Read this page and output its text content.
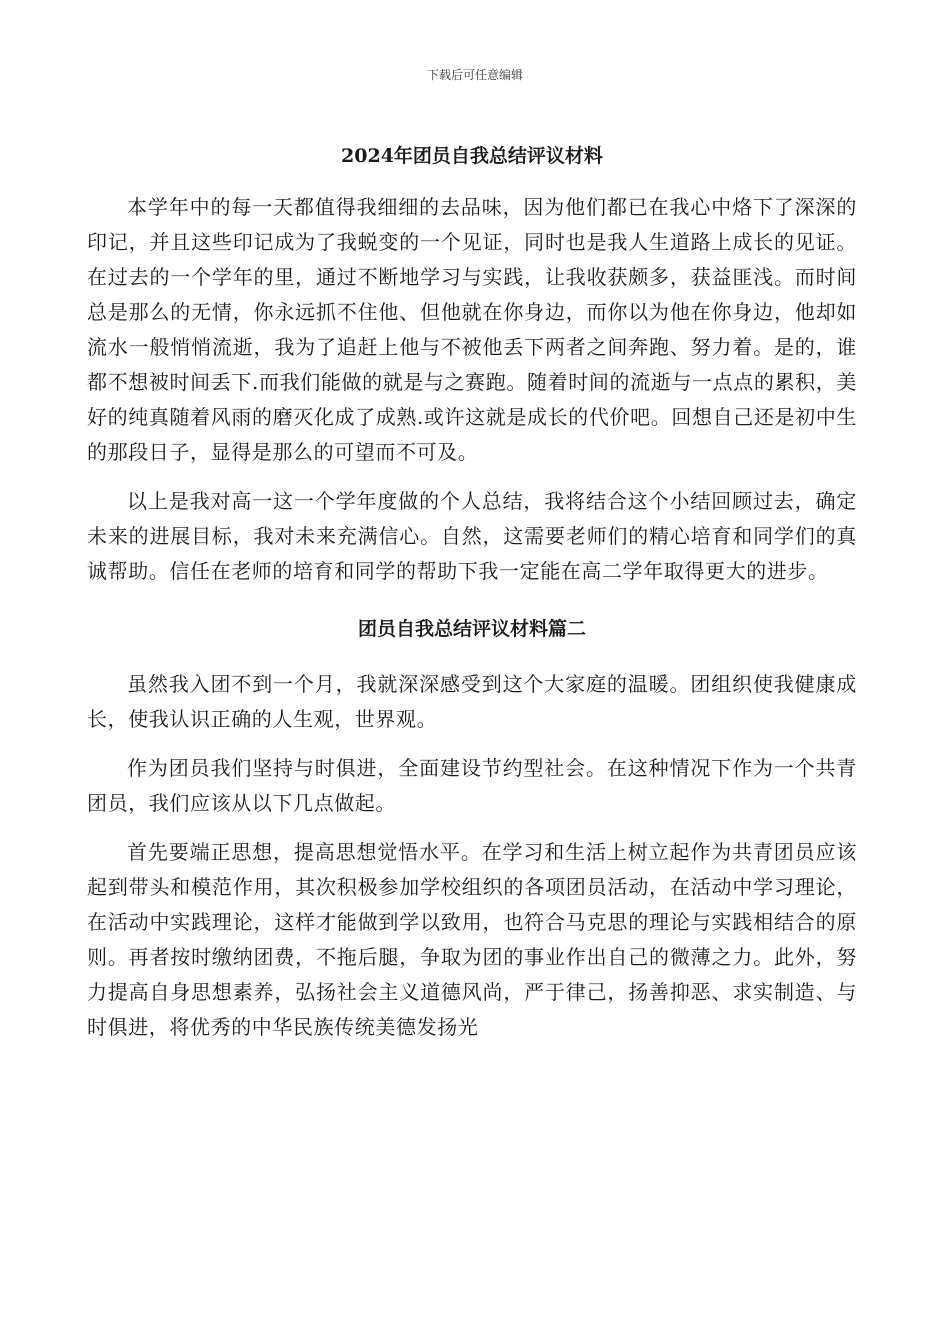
下载后可任意编辑
2024年团员自我总结评议材料

本学年中的每一天都值得我细细的去品味，因为他们都已在我心中烙下了深深的印记，并且这些印记成为了我蜕变的一个见证，同时也是我人生道路上成长的见证。在过去的一个学年的里，通过不断地学习与实践，让我收获颇多，获益匪浅。而时间总是那么的无情，你永远抓不住他、但他就在你身边，而你以为他在你身边，他却如流水一般悄悄流逝，我为了追赶上他与不被他丢下两者之间奔跑、努力着。是的，谁都不想被时间丢下.而我们能做的就是与之赛跑。随着时间的流逝与一点点的累积，美好的纯真随着风雨的磨灭化成了成熟.或许这就是成长的代价吧。回想自己还是初中生的那段日子，显得是那么的可望而不可及。

以上是我对高一这一个学年度做的个人总结，我将结合这个小结回顾过去，确定未来的进展目标，我对未来充满信心。自然，这需要老师们的精心培育和同学们的真诚帮助。信任在老师的培育和同学的帮助下我一定能在高二学年取得更大的进步。

团员自我总结评议材料篇二

虽然我入团不到一个月，我就深深感受到这个大家庭的温暖。团组织使我健康成长，使我认识正确的人生观，世界观。

作为团员我们坚持与时俱进，全面建设节约型社会。在这种情况下作为一个共青团员，我们应该从以下几点做起。

首先要端正思想，提高思想觉悟水平。在学习和生活上树立起作为共青团员应该起到带头和模范作用，其次积极参加学校组织的各项团员活动，在活动中学习理论，在活动中实践理论，这样才能做到学以致用，也符合马克思的理论与实践相结合的原则。再者按时缴纳团费，不拖后腿，争取为团的事业作出自己的微薄之力。此外，努力提高自身思想素养，弘扬社会主义道德风尚，严于律己，扬善抑恶、求实制造、与时俱进，将优秀的中华民族传统美德发扬光
